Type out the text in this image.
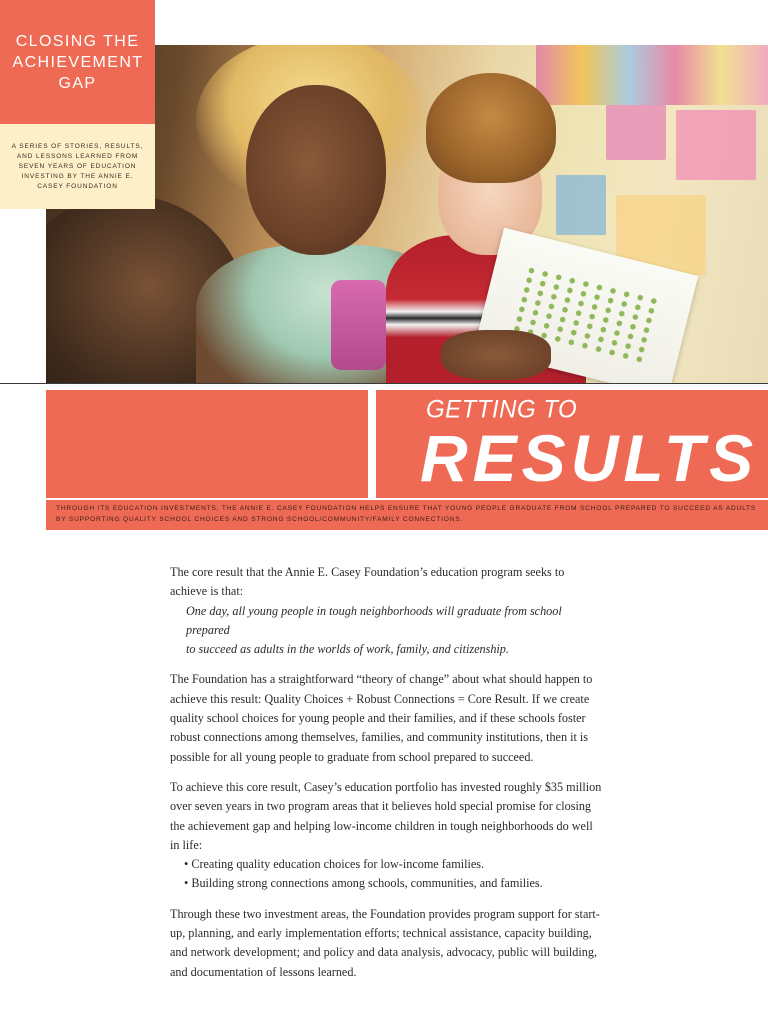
CLOSING THE ACHIEVEMENT GAP
A SERIES OF STORIES, RESULTS, AND LESSONS LEARNED FROM SEVEN YEARS OF EDUCATION INVESTING BY THE ANNIE E. CASEY FOUNDATION
GETTING TO
RESULTS
THROUGH ITS EDUCATION INVESTMENTS, THE ANNIE E. CASEY FOUNDATION HELPS ENSURE THAT YOUNG PEOPLE GRADUATE FROM SCHOOL PREPARED TO SUCCEED AS ADULTS
BY SUPPORTING QUALITY SCHOOL CHOICES AND STRONG SCHOOL/COMMUNITY/FAMILY CONNECTIONS.

The core result that the Annie E. Casey Foundation’s education program seeks to achieve is that:

One day, all young people in tough neighborhoods will graduate from school prepared
to succeed as adults in the worlds of work, family, and citizenship.

The Foundation has a straightforward “theory of change” about what should happen to achieve this result: Quality Choices + Robust Connections = Core Result. If we create quality school choices for young people and their families, and if these schools foster robust connections among themselves, families, and community institutions, then it is possible for all young people to graduate from school prepared to succeed.

To achieve this core result, Casey’s education portfolio has invested roughly $35 million over seven years in two program areas that it believes hold special promise for closing the achievement gap and helping low-income children in tough neighborhoods do well in life:

• Creating quality education choices for low-income families.
• Building strong connections among schools, communities, and families.

Through these two investment areas, the Foundation provides program support for start-up, planning, and early implementation efforts; technical assistance, capacity building, and network development; and policy and data analysis, advocacy, public will building, and documentation of lessons learned.
